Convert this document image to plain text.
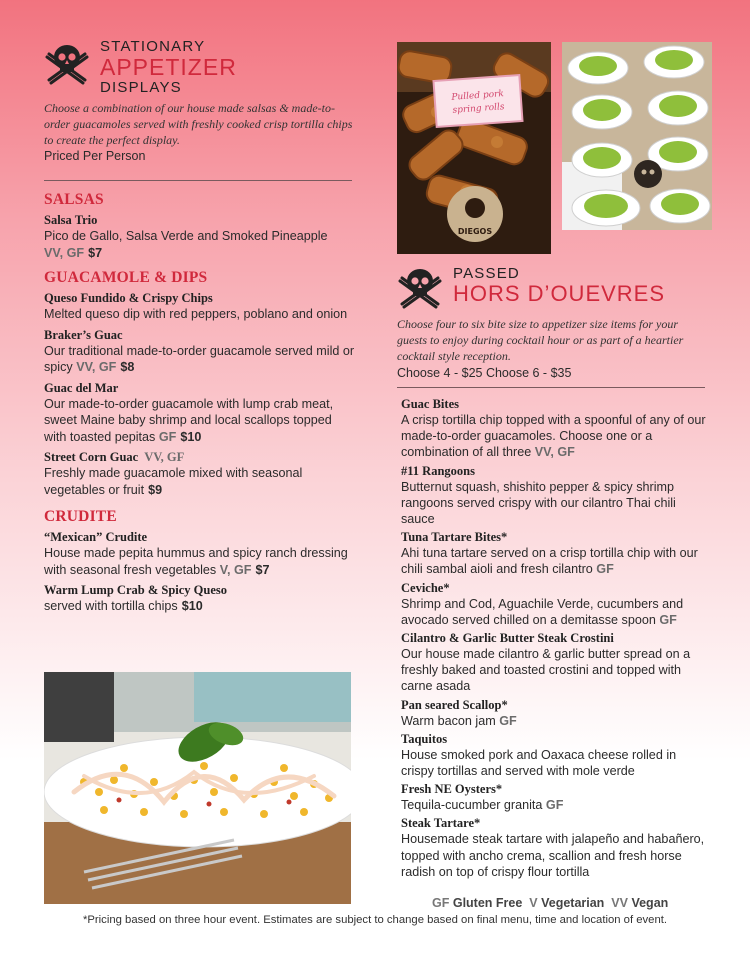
STATIONARY
APPETIZER
DISPLAYS
Choose a combination of our house made salsas & made-to-order guacamoles served with freshly cooked crisp tortilla chips to create the perfect display.
Priced Per Person
SALSAS
Salsa Trio
Pico de Gallo, Salsa Verde and Smoked Pineapple
VV, GF $7
GUACAMOLE & DIPS
Queso Fundido & Crispy Chips
Melted queso dip with red peppers, poblano and onion
Braker’s Guac
Our traditional made-to-order guacamole served mild or spicy VV, GF $8
Guac del Mar
Our made-to-order guacamole with lump crab meat, sweet Maine baby shrimp and local scallops topped with toasted pepitas GF $10
Street Corn Guac VV, GF
Freshly made guacamole mixed with seasonal vegetables or fruit $9
CRUDITE
“Mexican” Crudite
House made pepita hummus and spicy ranch dressing with seasonal fresh vegetables V, GF $7
Warm Lump Crab & Spicy Queso
served with tortilla chips $10
Pulled pork
spring rolls
DIEGOS
PASSED
HORS D’OUEVRES
Choose four to six bite size to appetizer size items for your guests to enjoy during cocktail hour or as part of a heartier cocktail style reception.
Choose 4 - $25 Choose 6 - $35
Guac Bites
A crisp tortilla chip topped with a spoonful of any of our made-to-order guacamoles. Choose one or a combination of all three VV, GF
#11 Rangoons
Butternut squash, shishito pepper & spicy shrimp rangoons served crispy with our cilantro Thai chili sauce
Tuna Tartare Bites*
Ahi tuna tartare served on a crisp tortilla chip with our chili sambal aioli and fresh cilantro GF
Ceviche*
Shrimp and Cod, Aguachile Verde, cucumbers and avocado served chilled on a demitasse spoon GF
Cilantro & Garlic Butter Steak Crostini
Our house made cilantro & garlic butter spread on a freshly baked and toasted crostini and topped with carne asada
Pan seared Scallop*
Warm bacon jam GF
Taquitos
House smoked pork and Oaxaca cheese rolled in crispy tortillas and served with mole verde
Fresh NE Oysters*
Tequila-cucumber granita GF
Steak Tartare*
Housemade steak tartare with jalapeño and habañero, topped with ancho crema, scallion and fresh horse radish on top of crispy flour tortilla
GF Gluten Free V Vegetarian VV Vegan
*Pricing based on three hour event. Estimates are subject to change based on final menu, time and location of event.
